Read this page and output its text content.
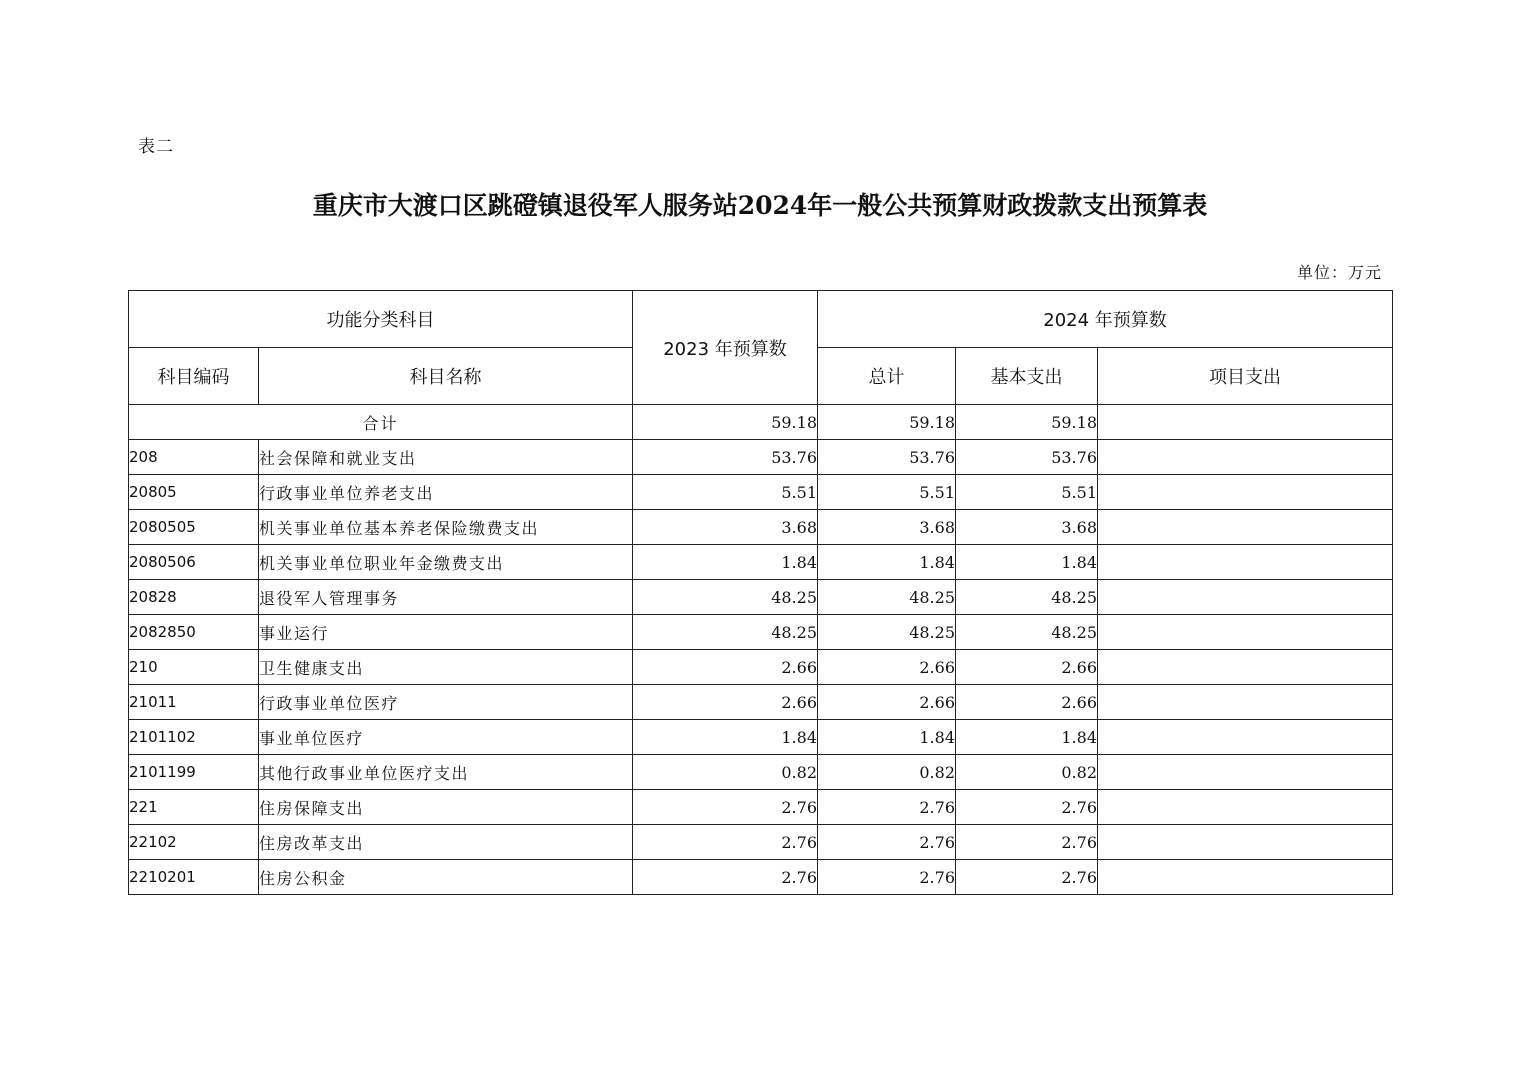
表二
重庆市大渡口区跳磴镇退役军人服务站2024年一般公共预算财政拨款支出预算表
单位：万元
功能分类科目		2023 年预算数	2024 年预算数		
科目编码	科目名称		总计	基本支出	项目支出
合计		59.18	59.18	59.18	
208	社会保障和就业支出	53.76	53.76	53.76	
20805	行政事业单位养老支出	5.51	5.51	5.51	
2080505	机关事业单位基本养老保险缴费支出	3.68	3.68	3.68	
2080506	机关事业单位职业年金缴费支出	1.84	1.84	1.84	
20828	退役军人管理事务	48.25	48.25	48.25	
2082850	事业运行	48.25	48.25	48.25	
210	卫生健康支出	2.66	2.66	2.66	
21011	行政事业单位医疗	2.66	2.66	2.66	
2101102	事业单位医疗	1.84	1.84	1.84	
2101199	其他行政事业单位医疗支出	0.82	0.82	0.82	
221	住房保障支出	2.76	2.76	2.76	
22102	住房改革支出	2.76	2.76	2.76	
2210201	住房公积金	2.76	2.76	2.76	
